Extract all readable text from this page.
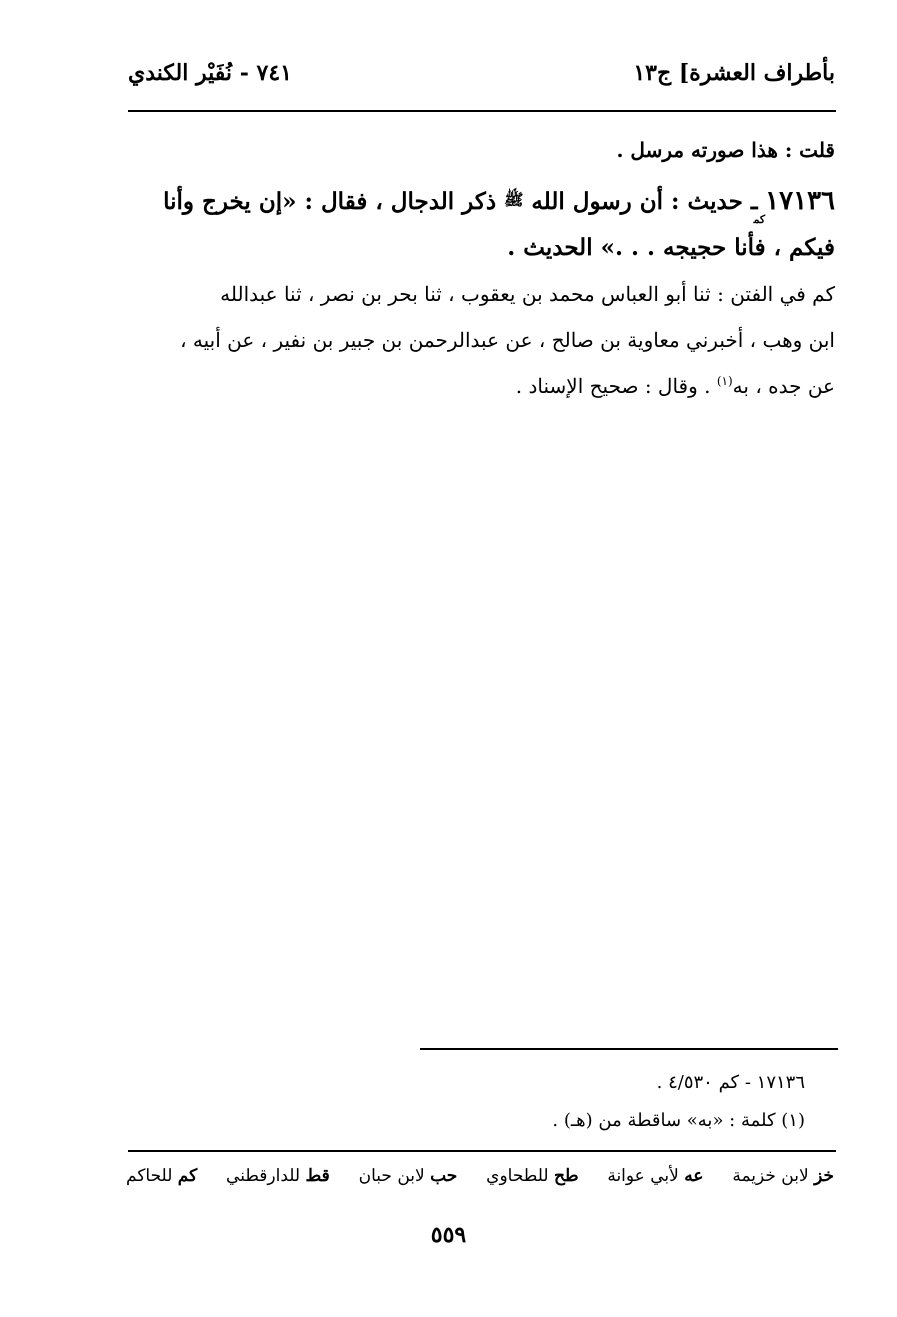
بأطراف العشرة] ج١٣
٧٤١ - نُفَيْر الكندي
قلت : هذا صورته مرسل .
$١٧١٣٦_{كم}ـ$ حديث : أن رسول الله ﷺ ذكر الدجال ، فقال : «إن يخرج وأنا
فيكم ، فأنا حجيجه . . .» الحديث .
كم في الفتن : ثنا أبو العباس محمد بن يعقوب ، ثنا بحر بن نصر ، ثنا عبدالله
ابن وهب ، أخبرني معاوية بن صالح ، عن عبدالرحمن بن جبير بن نفير ، عن أبيه ،
عن جده ، به$^{(١)}$ . وقال : صحيح الإسناد .
١٧١٣٦ - كم ٤/٥٣٠ .
(١) كلمة : «به» ساقطة من (هـ) .
خز لابن خزيمة
عه لأبي عوانة
طح للطحاوي
حب لابن حبان
قط للدارقطني
كم للحاكم
٥٥٩
